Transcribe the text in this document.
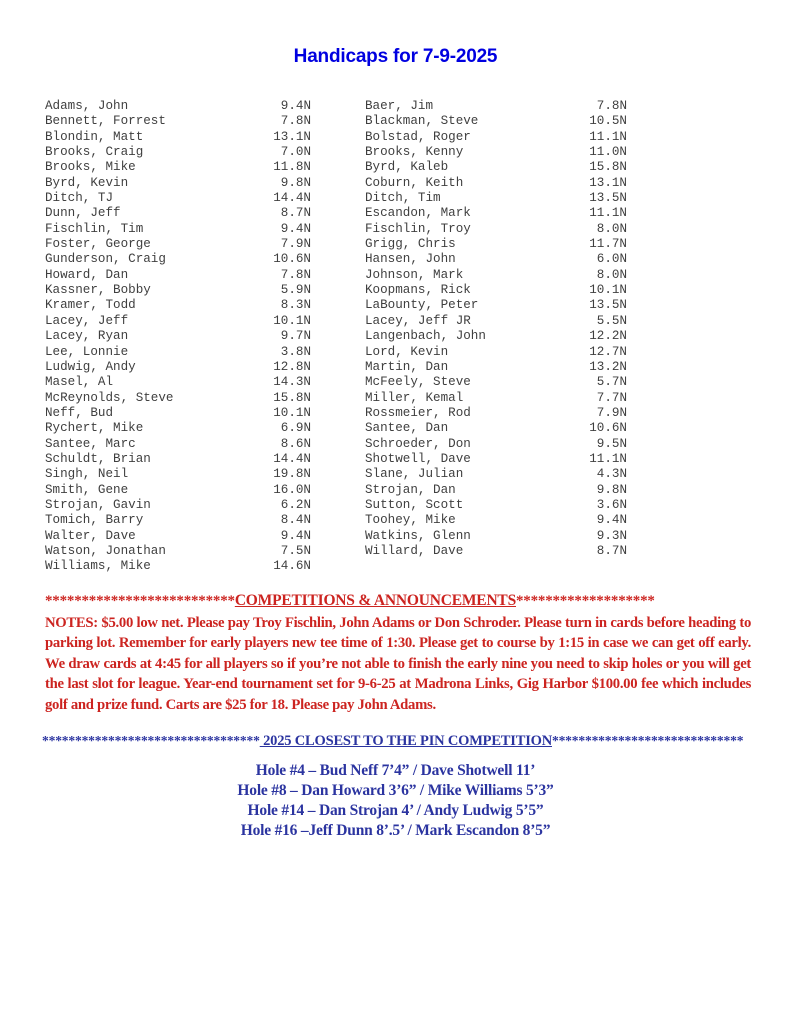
Handicaps for 7-9-2025
Adams, John	9.4N
Bennett, Forrest	7.8N
Blondin, Matt	13.1N
Brooks, Craig	7.0N
Brooks, Mike	11.8N
Byrd, Kevin	9.8N
Ditch, TJ	14.4N
Dunn, Jeff	8.7N
Fischlin, Tim	9.4N
Foster, George	7.9N
Gunderson, Craig	10.6N
Howard, Dan	7.8N
Kassner, Bobby	5.9N
Kramer, Todd	8.3N
Lacey, Jeff	10.1N
Lacey, Ryan	9.7N
Lee, Lonnie	3.8N
Ludwig, Andy	12.8N
Masel, Al	14.3N
McReynolds, Steve	15.8N
Neff, Bud	10.1N
Rychert, Mike	6.9N
Santee, Marc	8.6N
Schuldt, Brian	14.4N
Singh, Neil	19.8N
Smith, Gene	16.0N
Strojan, Gavin	6.2N
Tomich, Barry	8.4N
Walter, Dave	9.4N
Watson, Jonathan	7.5N
Williams, Mike	14.6N
Baer, Jim	7.8N
Blackman, Steve	10.5N
Bolstad, Roger	11.1N
Brooks, Kenny	11.0N
Byrd, Kaleb	15.8N
Coburn, Keith	13.1N
Ditch, Tim	13.5N
Escandon, Mark	11.1N
Fischlin, Troy	8.0N
Grigg, Chris	11.7N
Hansen, John	6.0N
Johnson, Mark	8.0N
Koopmans, Rick	10.1N
LaBounty, Peter	13.5N
Lacey, Jeff JR	5.5N
Langenbach, John	12.2N
Lord, Kevin	12.7N
Martin, Dan	13.2N
McFeely, Steve	5.7N
Miller, Kemal	7.7N
Rossmeier, Rod	7.9N
Santee, Dan	10.6N
Schroeder, Don	9.5N
Shotwell, Dave	11.1N
Slane, Julian	4.3N
Strojan, Dan	9.8N
Sutton, Scott	3.6N
Toohey, Mike	9.4N
Watkins, Glenn	9.3N
Willard, Dave	8.7N
**************************COMPETITIONS & ANNOUNCEMENTS*******************
NOTES: $5.00 low net. Please pay Troy Fischlin, John Adams or Don Schroder. Please turn in cards before heading to parking lot. Remember for early players new tee time of 1:30. Please get to course by 1:15 in case we can get off early. We draw cards at 4:45 for all players so if you’re not able to finish the early nine you need to skip holes or you will get the last slot for league. Year-end tournament set for 9-6-25 at Madrona Links, Gig Harbor $100.00 fee which includes golf and prize fund. Carts are $25 for 18. Please pay John Adams.
********************************* 2025 CLOSEST TO THE PIN COMPETITION*****************************
Hole #4 – Bud Neff 7’4” / Dave Shotwell 11’
Hole #8 – Dan Howard 3’6” / Mike Williams 5’3”
Hole #14 – Dan Strojan 4’ / Andy Ludwig 5’5”
Hole #16 –Jeff Dunn 8’.5’ / Mark Escandon 8’5”
